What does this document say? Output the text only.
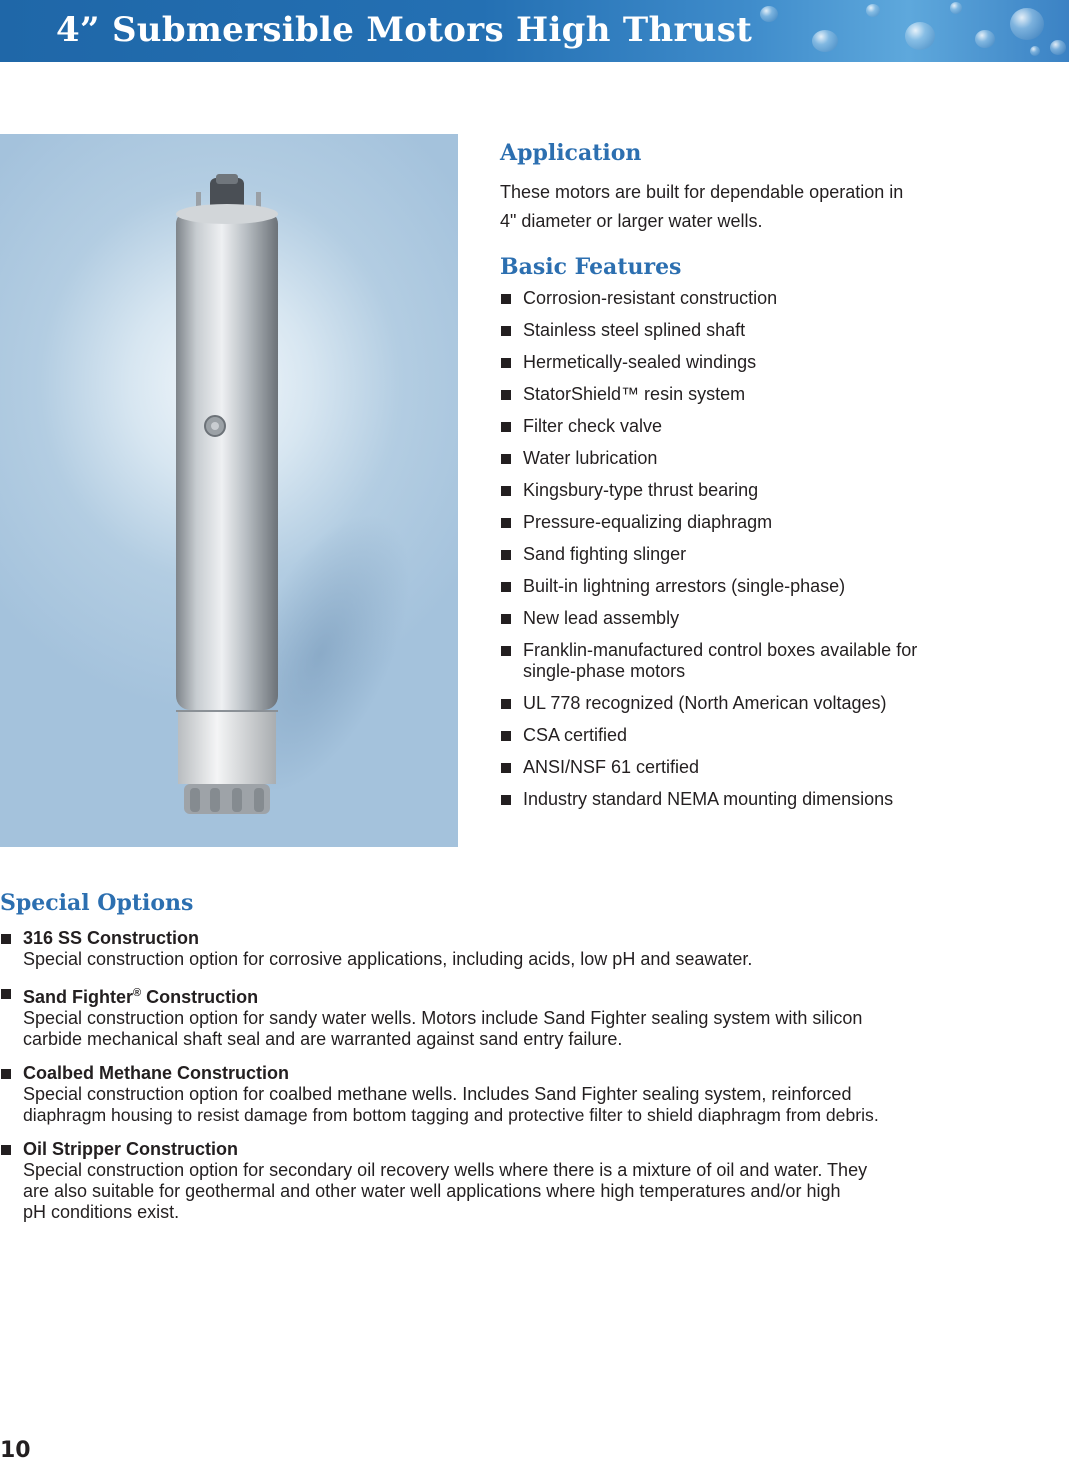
4” Submersible Motors High Thrust
Application
These motors are built for dependable operation in
4" diameter or larger water wells.
Basic Features
Corrosion-resistant construction
Stainless steel splined shaft
Hermetically-sealed windings
StatorShield™ resin system
Filter check valve
Water lubrication
Kingsbury-type thrust bearing
Pressure-equalizing diaphragm
Sand fighting slinger
Built-in lightning arrestors (single-phase)
New lead assembly
Franklin-manufactured control boxes available for
single-phase motors
UL 778 recognized (North American voltages)
CSA certified
ANSI/NSF 61 certified
Industry standard NEMA mounting dimensions
Special Options
316 SS Construction
Special construction option for corrosive applications, including acids, low pH and seawater.
Sand Fighter® Construction
Special construction option for sandy water wells. Motors include Sand Fighter sealing system with silicon
carbide mechanical shaft seal and are warranted against sand entry failure.
Coalbed Methane Construction
Special construction option for coalbed methane wells. Includes Sand Fighter sealing system, reinforced
diaphragm housing to resist damage from bottom tagging and protective filter to shield diaphragm from debris.
Oil Stripper Construction
Special construction option for secondary oil recovery wells where there is a mixture of oil and water. They
are also suitable for geothermal and other water well applications where high temperatures and/or high
pH conditions exist.
10
